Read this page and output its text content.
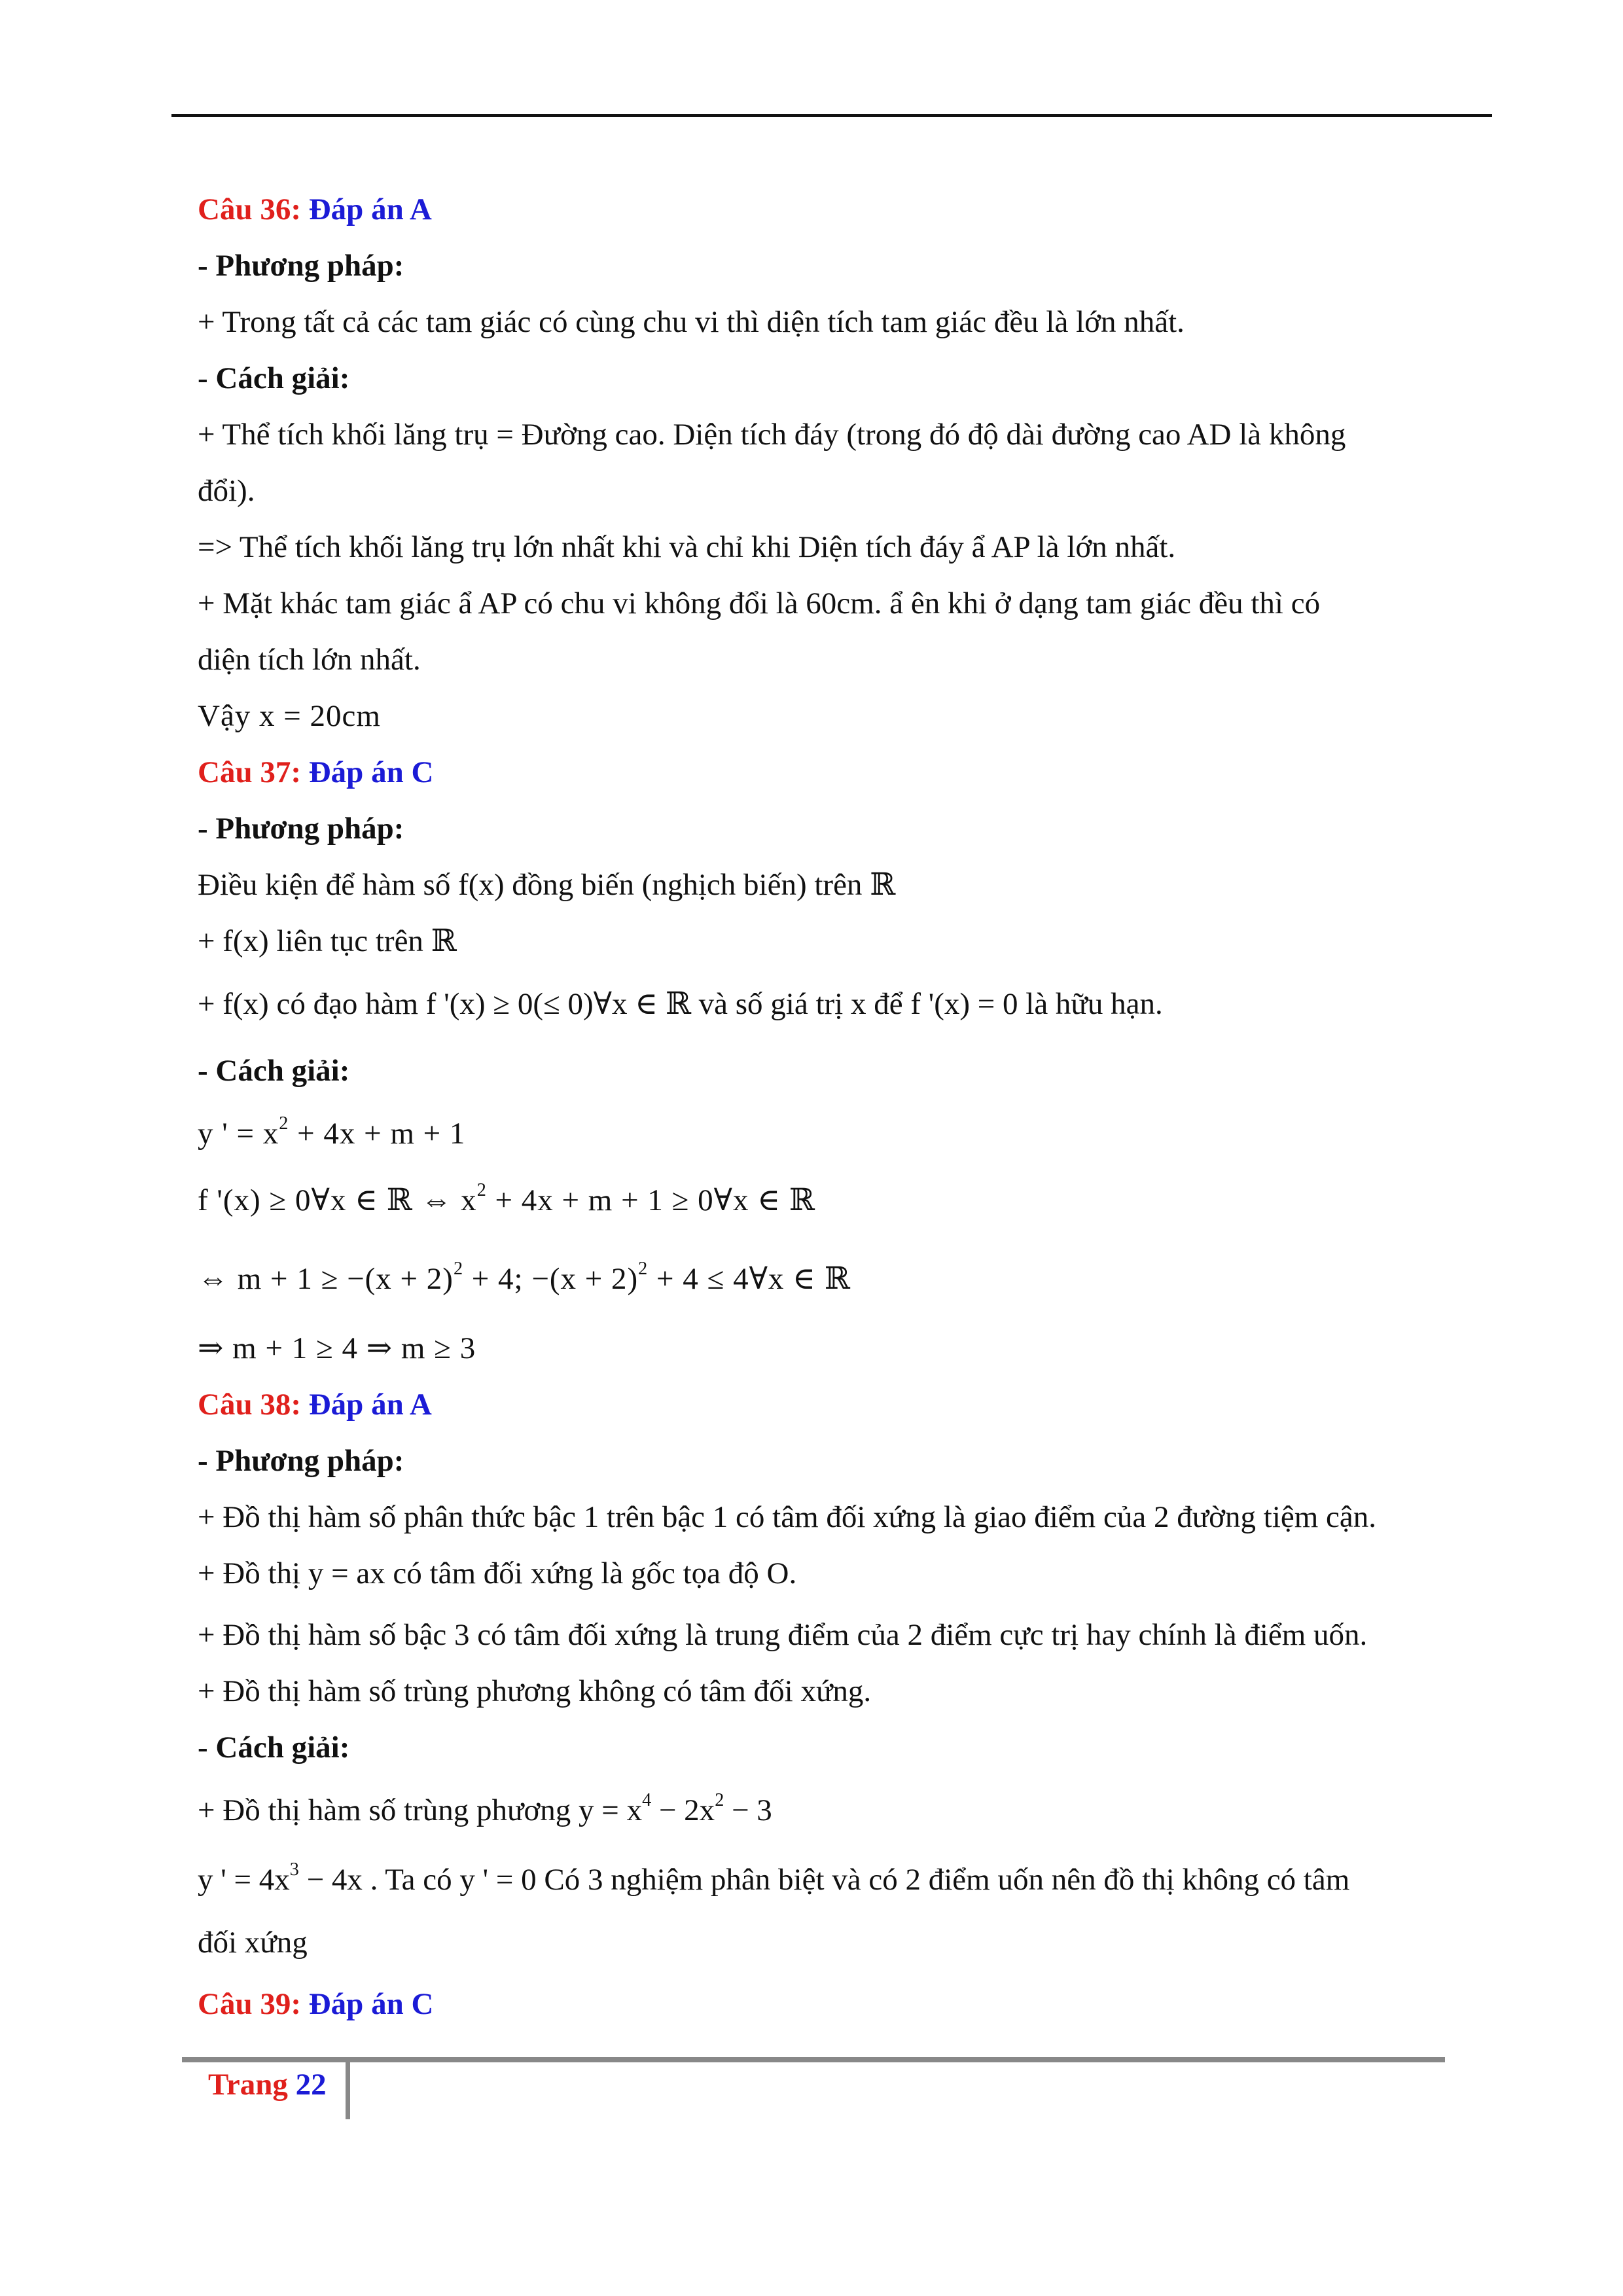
Câu 36: Đáp án A
- Phương pháp:
+ Trong tất cả các tam giác có cùng chu vi thì diện tích tam giác đều là lớn nhất.
- Cách giải:
+ Thể tích khối lăng trụ = Đường cao. Diện tích đáy (trong đó độ dài đường cao AD là không
đổi).
=> Thể tích khối lăng trụ lớn nhất khi và chỉ khi Diện tích đáy ẩ AP là lớn nhất.
+ Mặt khác tam giác ẩ AP có chu vi không đổi là 60cm. ẩ ên khi ở dạng tam giác đều thì có
diện tích lớn nhất.
Vậy x = 20cm
Câu 37: Đáp án C
- Phương pháp:
Điều kiện để hàm số f(x) đồng biến (nghịch biến) trên ℝ
+ f(x) liên tục trên ℝ
+ f(x) có đạo hàm f '(x) ≥ 0(≤ 0)∀x ∈ ℝ và số giá trị x để f '(x) = 0 là hữu hạn.
- Cách giải:
y ' = $x^2 + 4x + m + 1$
f '(x) ≥ 0∀x ∈ ℝ ⇔ $x^2 + 4x + m + 1$ ≥ 0∀x ∈ ℝ
⇔ $m + 1 \ge -(x + 2)^2 + 4$; $-(x + 2)^2 + 4$ ≤ 4∀x ∈ ℝ
⇒ m + 1 ≥ 4 ⇒ m ≥ 3
Câu 38: Đáp án A
- Phương pháp:
+ Đồ thị hàm số phân thức bậc 1 trên bậc 1 có tâm đối xứng là giao điểm của 2 đường tiệm cận.
+ Đồ thị y = ax có tâm đối xứng là gốc tọa độ O.
+ Đồ thị hàm số bậc 3 có tâm đối xứng là trung điểm của 2 điểm cực trị hay chính là điểm uốn.
+ Đồ thị hàm số trùng phương không có tâm đối xứng.
- Cách giải:
+ Đồ thị hàm số trùng phương $y = x^4 - 2x^2 - 3$
y ' = $4x^3 - 4x$ . Ta có y ' = 0 Có 3 nghiệm phân biệt và có 2 điểm uốn nên đồ thị không có tâm
đối xứng
Câu 39: Đáp án C
Trang 22
